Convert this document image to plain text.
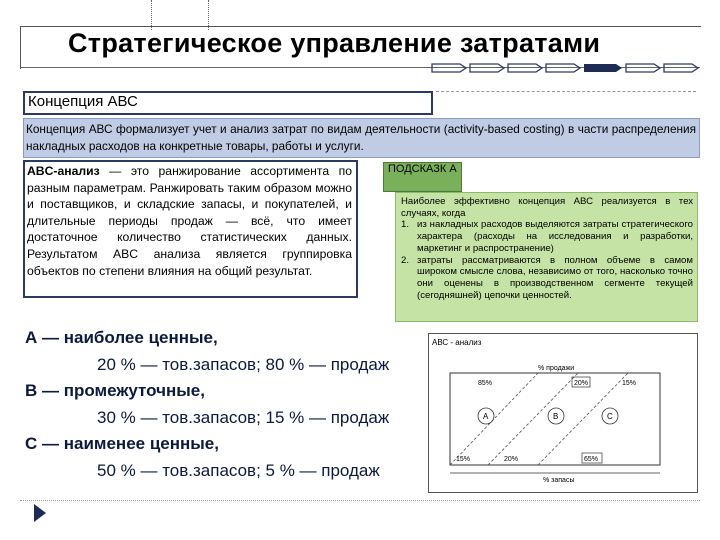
Стратегическое управление затратами
Концепция АВС
Концепция АВС формализует учет и анализ затрат по видам деятельности (activity-based costing) в части распределения накладных расходов на конкретные товары, работы и услуги.
ABC-анализ — это ранжирование ассортимента по разным параметрам. Ранжировать таким образом можно и поставщиков, и складские запасы, и покупателей, и длительные периоды продаж — всё, что имеет достаточное количество статистических данных. Результатом ABC анализа является группировка объектов по степени влияния на общий результат.
ПОДСКАЗК А
Наиболее эффективно концепция АВС реализуется в тех случаях, когда
1. из накладных расходов выделяются затраты стратегического характера (расходы на исследования и разработки, маркетинг и распространение)
2. затраты рассматриваются в полном объеме в самом широком смысле слова, независимо от того, насколько точно они оценены в производственном сегменте текущей (сегодняшней) цепочки ценностей.
А — наиболее ценные,
20 % — тов.запасов; 80 % — продаж
В — промежуточные,
30 % — тов.запасов; 15 % — продаж
С — наименее ценные,
50 % — тов.запасов; 5 % — продаж
АВС - анализ
% продажи
85%	20%	15%
A	B	C
15%	20%	65%
% запасы
